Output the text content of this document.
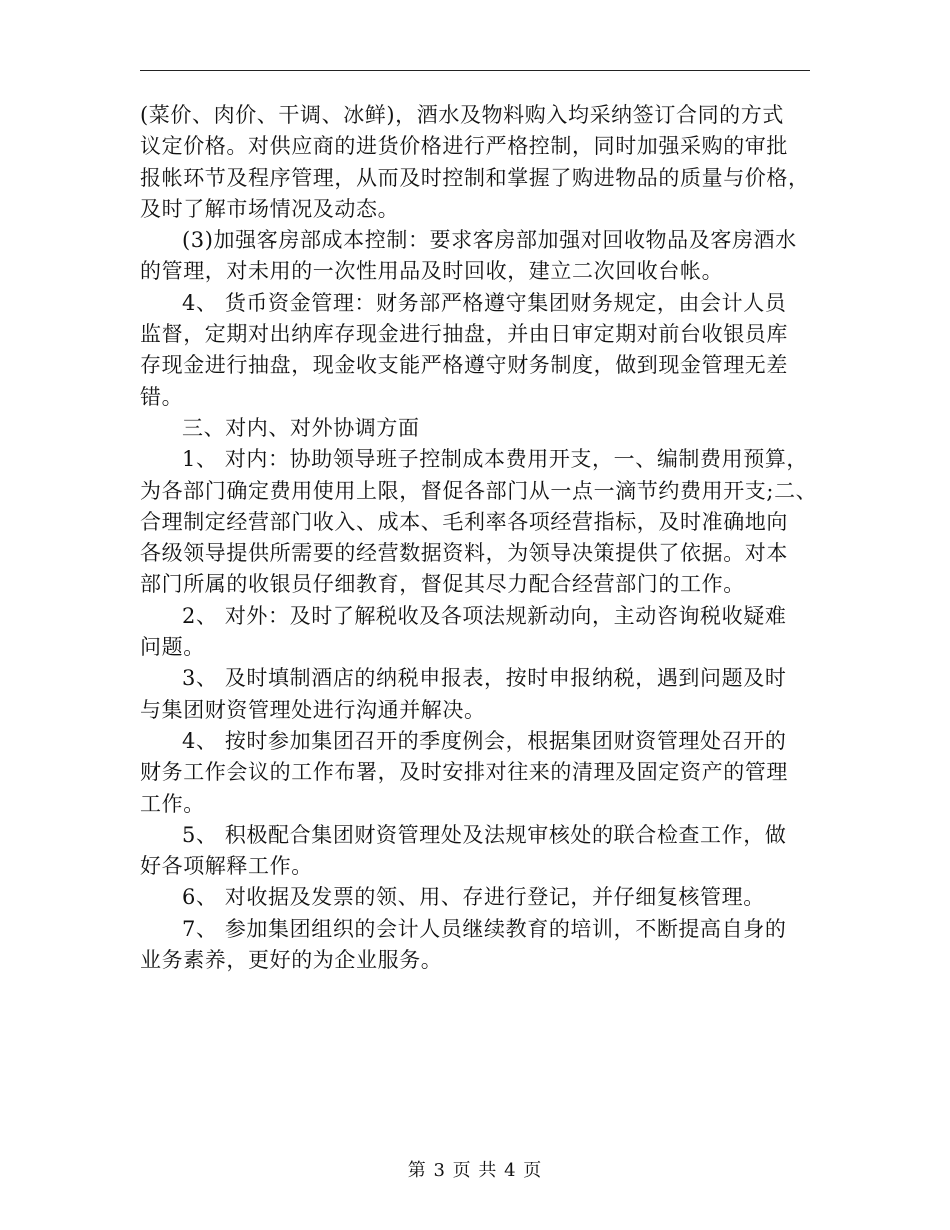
(菜价、肉价、干调、冰鲜)，酒水及物料购入均采纳签订合同的方式
议定价格。对供应商的进货价格进行严格控制，同时加强采购的审批
报帐环节及程序管理，从而及时控制和掌握了购进物品的质量与价格，
及时了解市场情况及动态。
(3)加强客房部成本控制：要求客房部加强对回收物品及客房酒水
的管理，对未用的一次性用品及时回收，建立二次回收台帐。
4、 货币资金管理：财务部严格遵守集团财务规定，由会计人员
监督，定期对出纳库存现金进行抽盘，并由日审定期对前台收银员库
存现金进行抽盘，现金收支能严格遵守财务制度，做到现金管理无差
错。
三、对内、对外协调方面
1、 对内：协助领导班子控制成本费用开支，一、编制费用预算，
为各部门确定费用使用上限，督促各部门从一点一滴节约费用开支;二、
合理制定经营部门收入、成本、毛利率各项经营指标，及时准确地向
各级领导提供所需要的经营数据资料，为领导决策提供了依据。对本
部门所属的收银员仔细教育，督促其尽力配合经营部门的工作。
2、 对外：及时了解税收及各项法规新动向，主动咨询税收疑难
问题。
3、 及时填制酒店的纳税申报表，按时申报纳税，遇到问题及时
与集团财资管理处进行沟通并解决。
4、 按时参加集团召开的季度例会，根据集团财资管理处召开的
财务工作会议的工作布署，及时安排对往来的清理及固定资产的管理
工作。
5、 积极配合集团财资管理处及法规审核处的联合检查工作，做
好各项解释工作。
6、 对收据及发票的领、用、存进行登记，并仔细复核管理。
7、 参加集团组织的会计人员继续教育的培训，不断提高自身的
业务素养，更好的为企业服务。
第 3 页 共 4 页
